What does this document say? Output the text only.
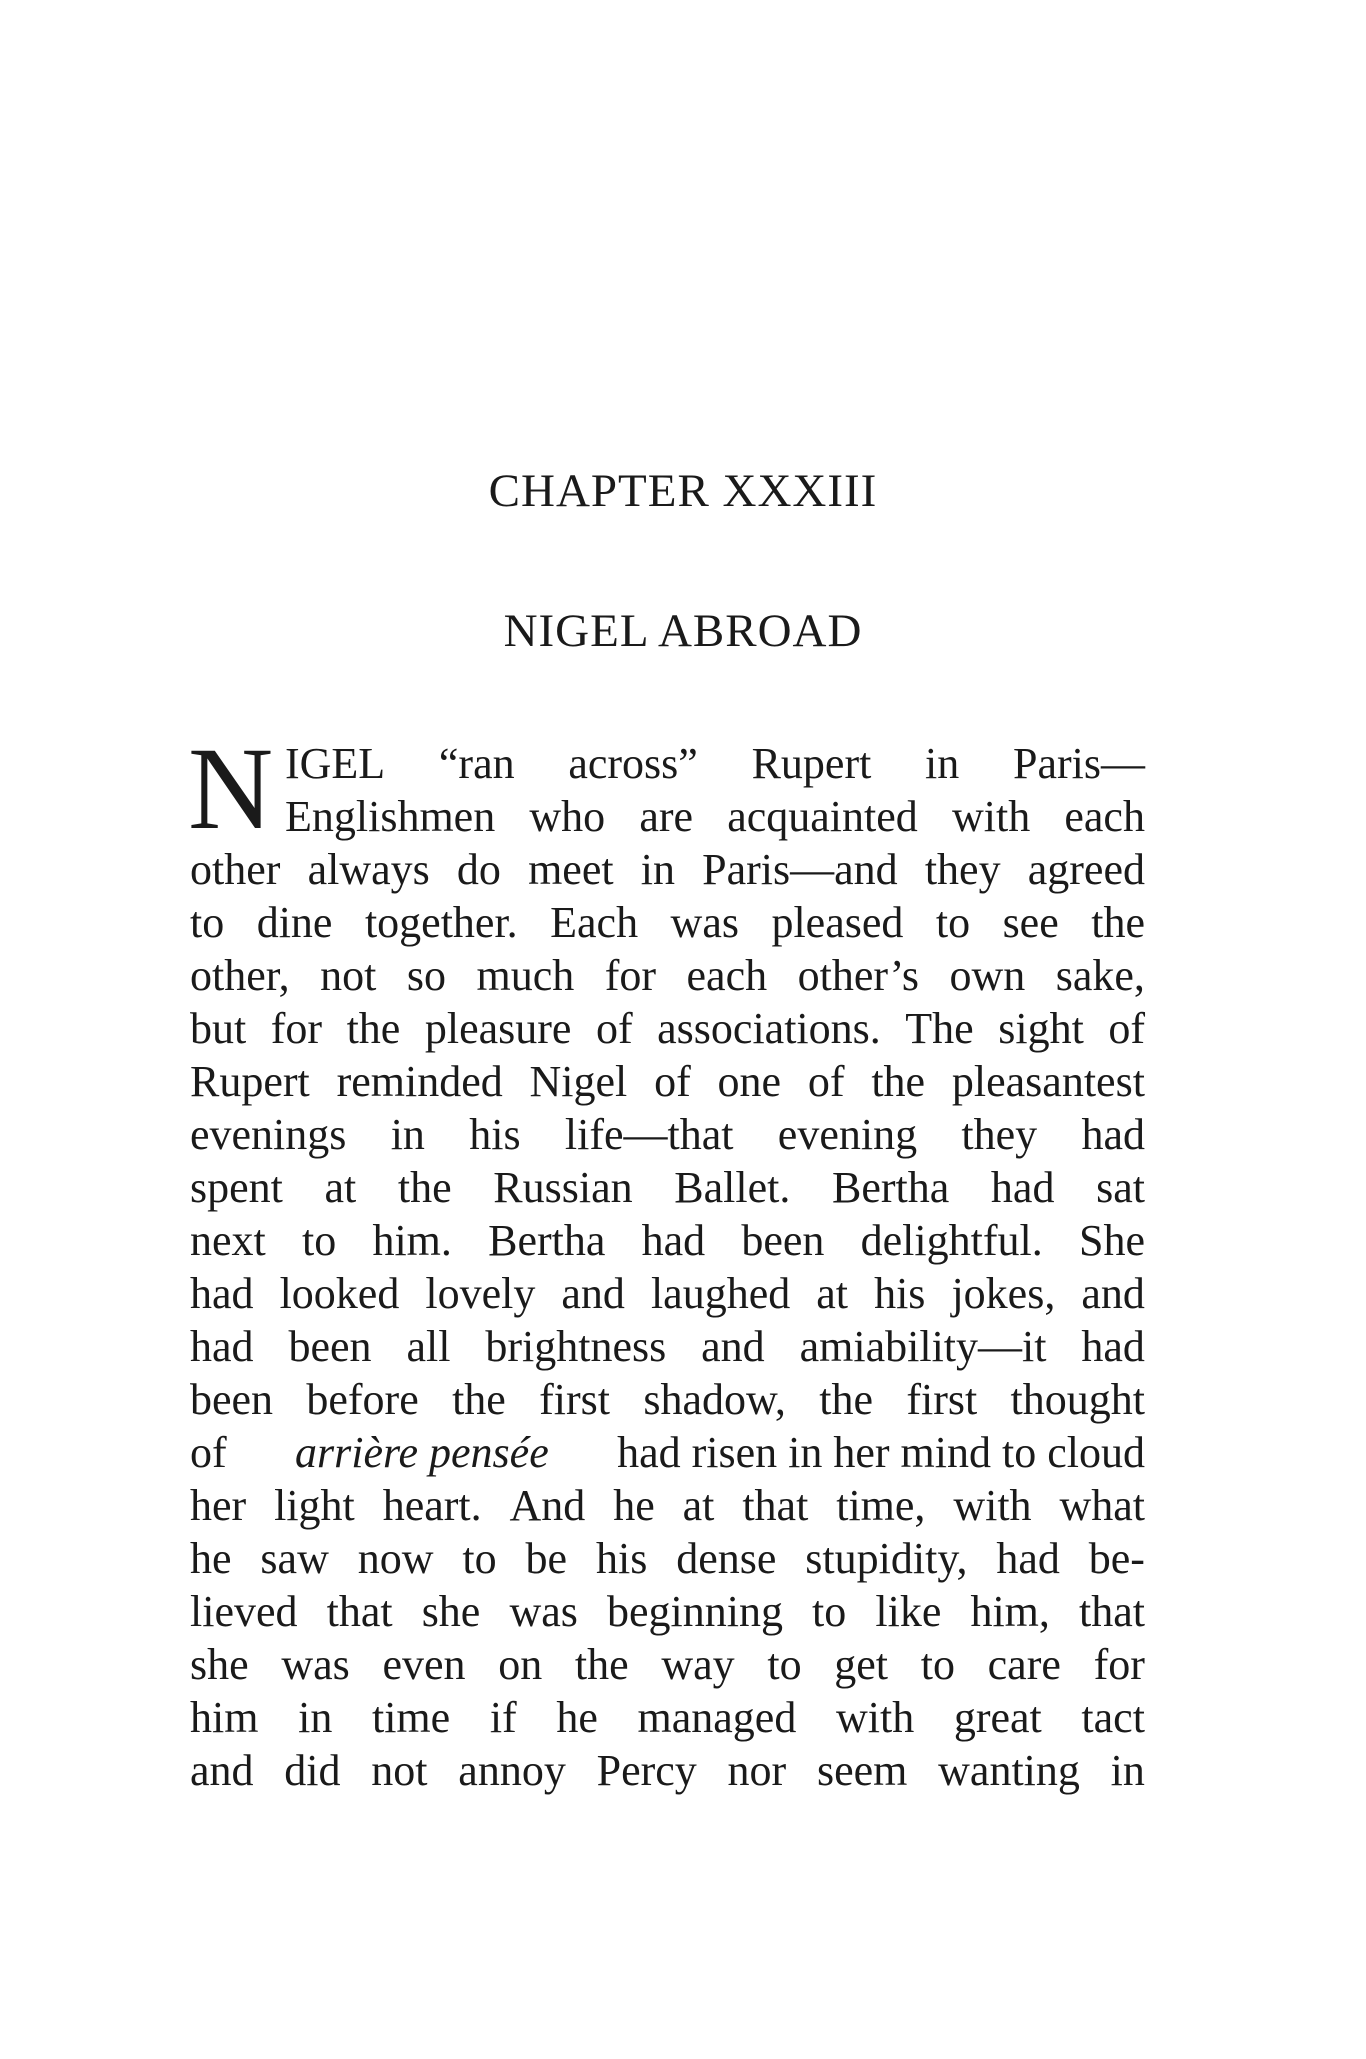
CHAPTER XXXIII
NIGEL ABROAD
N IGEL “ran across” Rupert in Paris—
Englishmen who are acquainted with each
other always do meet in Paris—and they agreed
to dine together. Each was pleased to see the
other, not so much for each other’s own sake,
but for the pleasure of associations. The sight of
Rupert reminded Nigel of one of the pleasantest
evenings in his life—that evening they had
spent at the Russian Ballet. Bertha had sat
next to him. Bertha had been delightful. She
had looked lovely and laughed at his jokes, and
had been all brightness and amiability—it had
been before the first shadow, the first thought
of arrière pensée had risen in her mind to cloud
her light heart. And he at that time, with what
he saw now to be his dense stupidity, had be-
lieved that she was beginning to like him, that
she was even on the way to get to care for
him in time if he managed with great tact
and did not annoy Percy nor seem wanting in
